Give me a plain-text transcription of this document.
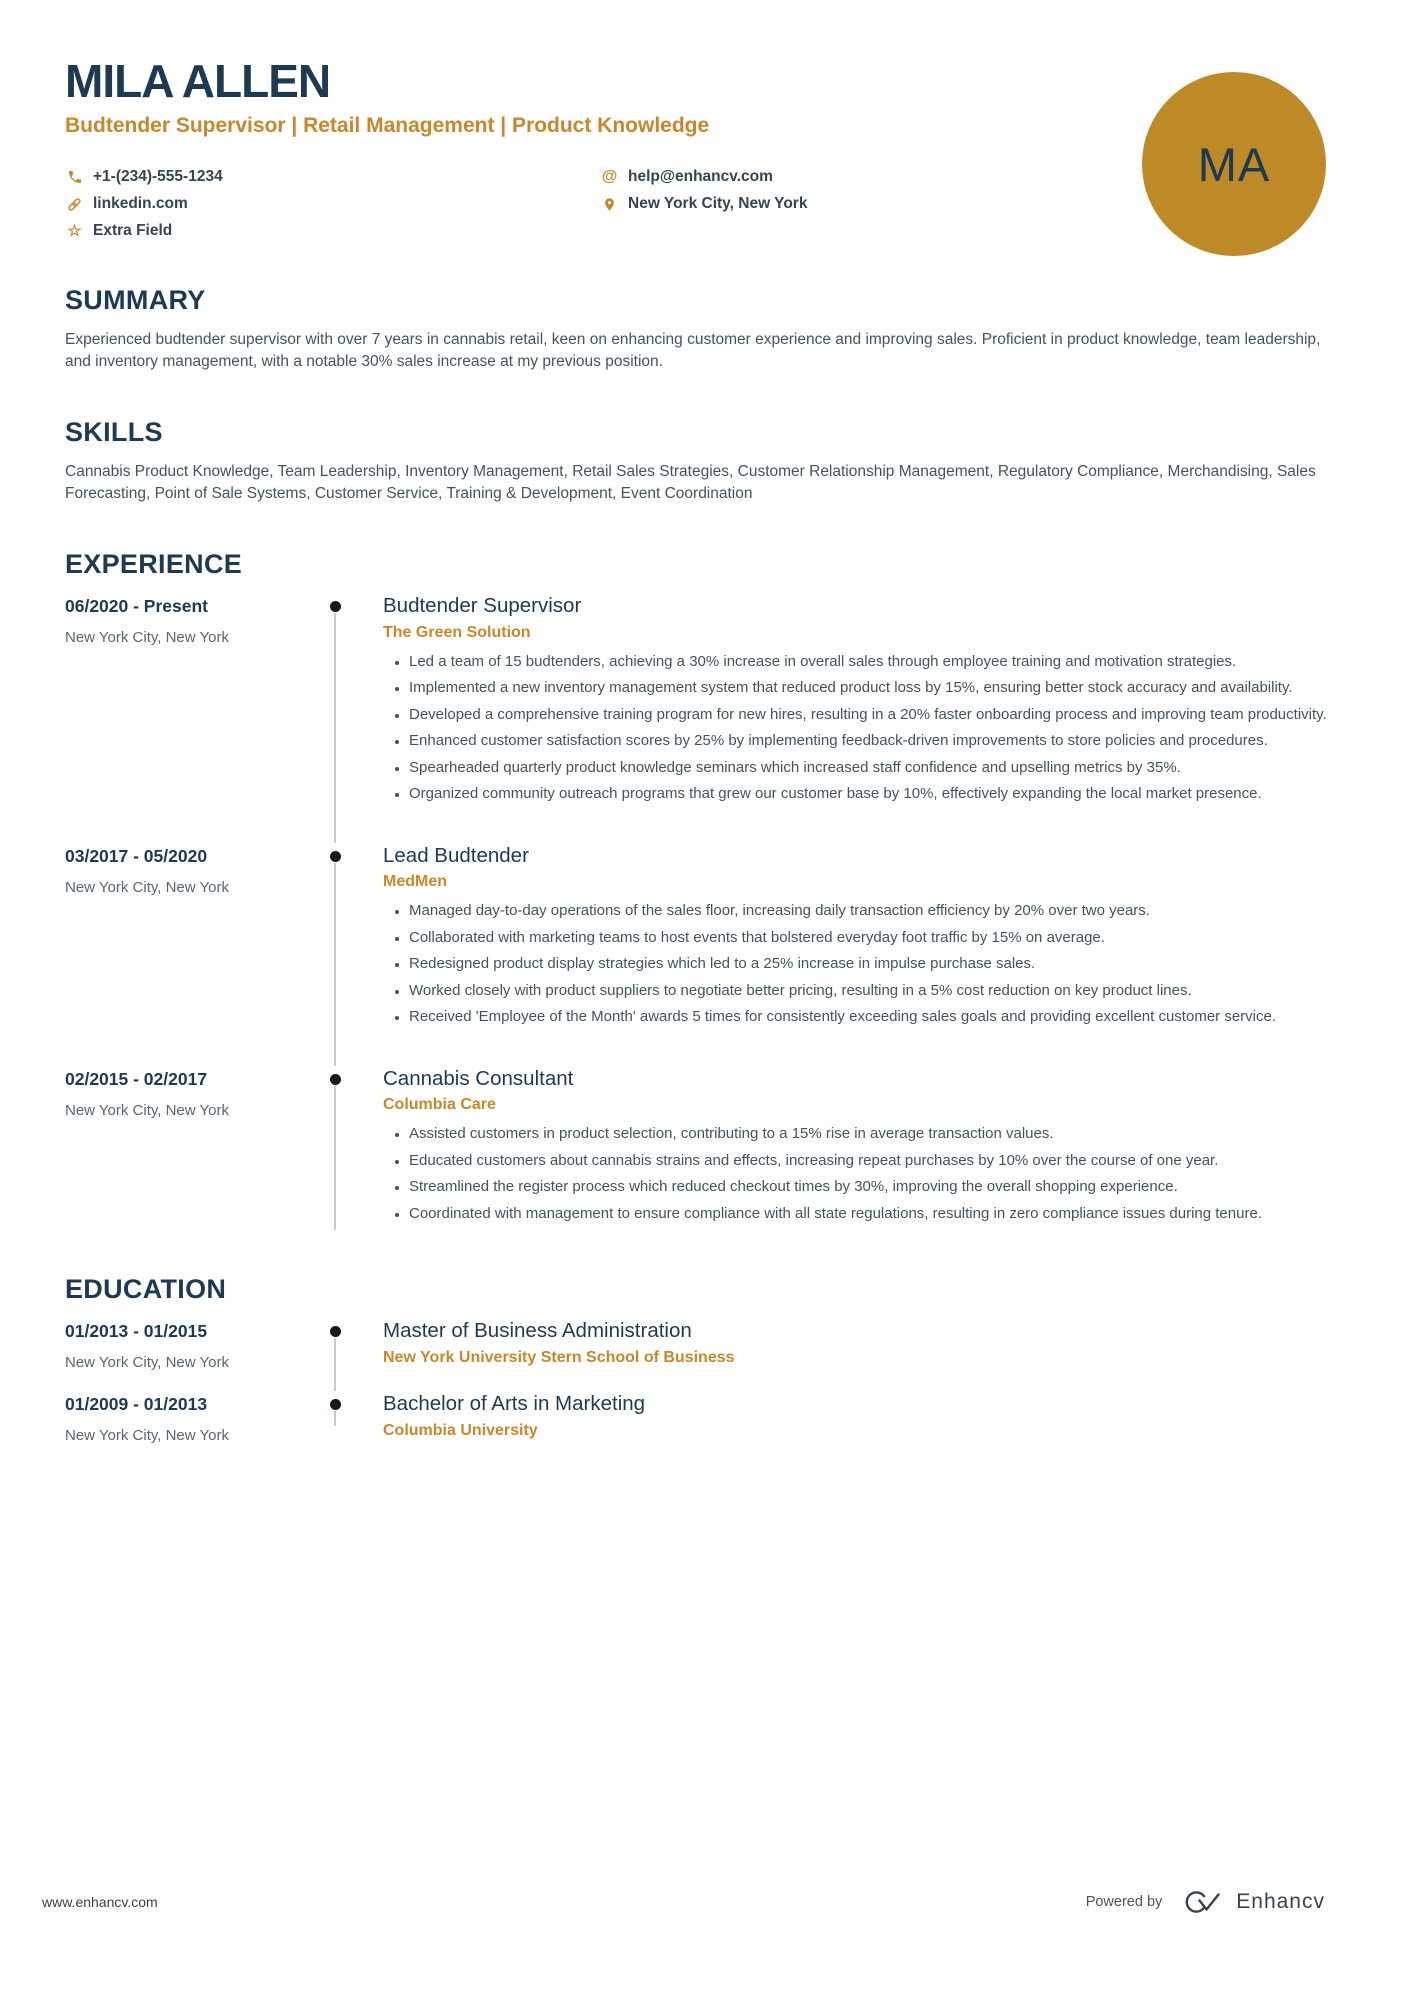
MILA ALLEN
Budtender Supervisor | Retail Management | Product Knowledge
+1-(234)-555-1234
linkedin.com
☆ Extra Field
@ help@enhancv.com
New York City, New York
MA
SUMMARY
Experienced budtender supervisor with over 7 years in cannabis retail, keen on enhancing customer experience and improving sales. Proficient in product knowledge, team leadership, and inventory management, with a notable 30% sales increase at my previous position.
SKILLS
Cannabis Product Knowledge, Team Leadership, Inventory Management, Retail Sales Strategies, Customer Relationship Management, Regulatory Compliance, Merchandising, Sales Forecasting, Point of Sale Systems, Customer Service, Training & Development, Event Coordination
EXPERIENCE
06/2020 - Present
New York City, New York
Budtender Supervisor
The Green Solution
• Led a team of 15 budtenders, achieving a 30% increase in overall sales through employee training and motivation strategies.
• Implemented a new inventory management system that reduced product loss by 15%, ensuring better stock accuracy and availability.
• Developed a comprehensive training program for new hires, resulting in a 20% faster onboarding process and improving team productivity.
• Enhanced customer satisfaction scores by 25% by implementing feedback-driven improvements to store policies and procedures.
• Spearheaded quarterly product knowledge seminars which increased staff confidence and upselling metrics by 35%.
• Organized community outreach programs that grew our customer base by 10%, effectively expanding the local market presence.
03/2017 - 05/2020
New York City, New York
Lead Budtender
MedMen
• Managed day-to-day operations of the sales floor, increasing daily transaction efficiency by 20% over two years.
• Collaborated with marketing teams to host events that bolstered everyday foot traffic by 15% on average.
• Redesigned product display strategies which led to a 25% increase in impulse purchase sales.
• Worked closely with product suppliers to negotiate better pricing, resulting in a 5% cost reduction on key product lines.
• Received 'Employee of the Month' awards 5 times for consistently exceeding sales goals and providing excellent customer service.
02/2015 - 02/2017
New York City, New York
Cannabis Consultant
Columbia Care
• Assisted customers in product selection, contributing to a 15% rise in average transaction values.
• Educated customers about cannabis strains and effects, increasing repeat purchases by 10% over the course of one year.
• Streamlined the register process which reduced checkout times by 30%, improving the overall shopping experience.
• Coordinated with management to ensure compliance with all state regulations, resulting in zero compliance issues during tenure.
EDUCATION
01/2013 - 01/2015
New York City, New York
Master of Business Administration
New York University Stern School of Business
01/2009 - 01/2013
New York City, New York
Bachelor of Arts in Marketing
Columbia University
www.enhancv.com	Powered by	Enhancv
